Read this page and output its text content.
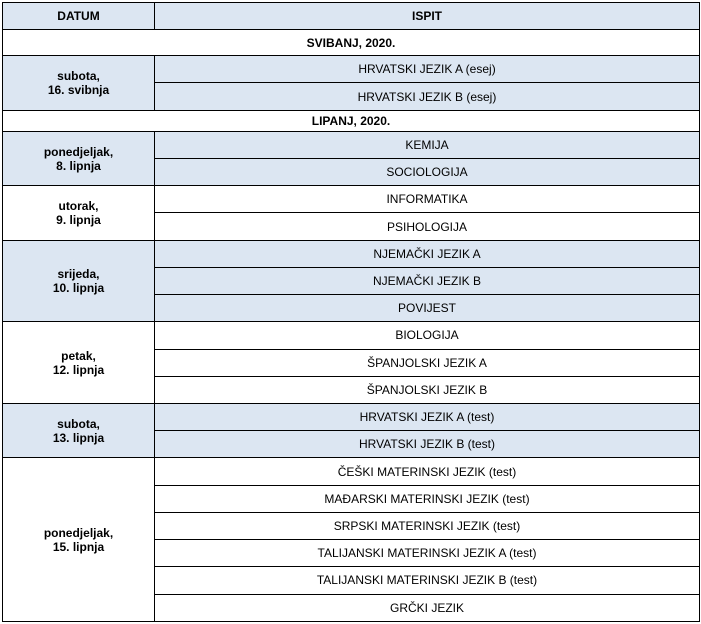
DATUM	ISPIT
SVIBANJ, 2020.	

subota,
16. svibnja	HRVATSKI JEZIK A (esej)
	HRVATSKI JEZIK B (esej)
LIPANJ, 2020.	

ponedjeljak,
8. lipnja	KEMIJA
	SOCIOLOGIJA

utorak,
9. lipnja	INFORMATIKA
	PSIHOLOGIJA

srijeda,
10. lipnja	NJEMAČKI JEZIK A
	NJEMAČKI JEZIK B
	POVIJEST

petak,
12. lipnja	BIOLOGIJA
	ŠPANJOLSKI JEZIK A
	ŠPANJOLSKI JEZIK B

subota,
13. lipnja	HRVATSKI JEZIK A (test)
	HRVATSKI JEZIK B (test)

ponedjeljak,
15. lipnja	ČEŠKI MATERINSKI JEZIK (test)
	MAĐARSKI MATERINSKI JEZIK (test)
	SRPSKI MATERINSKI JEZIK (test)
	TALIJANSKI MATERINSKI JEZIK A (test)
	TALIJANSKI MATERINSKI JEZIK B (test)
	GRČKI JEZIK
